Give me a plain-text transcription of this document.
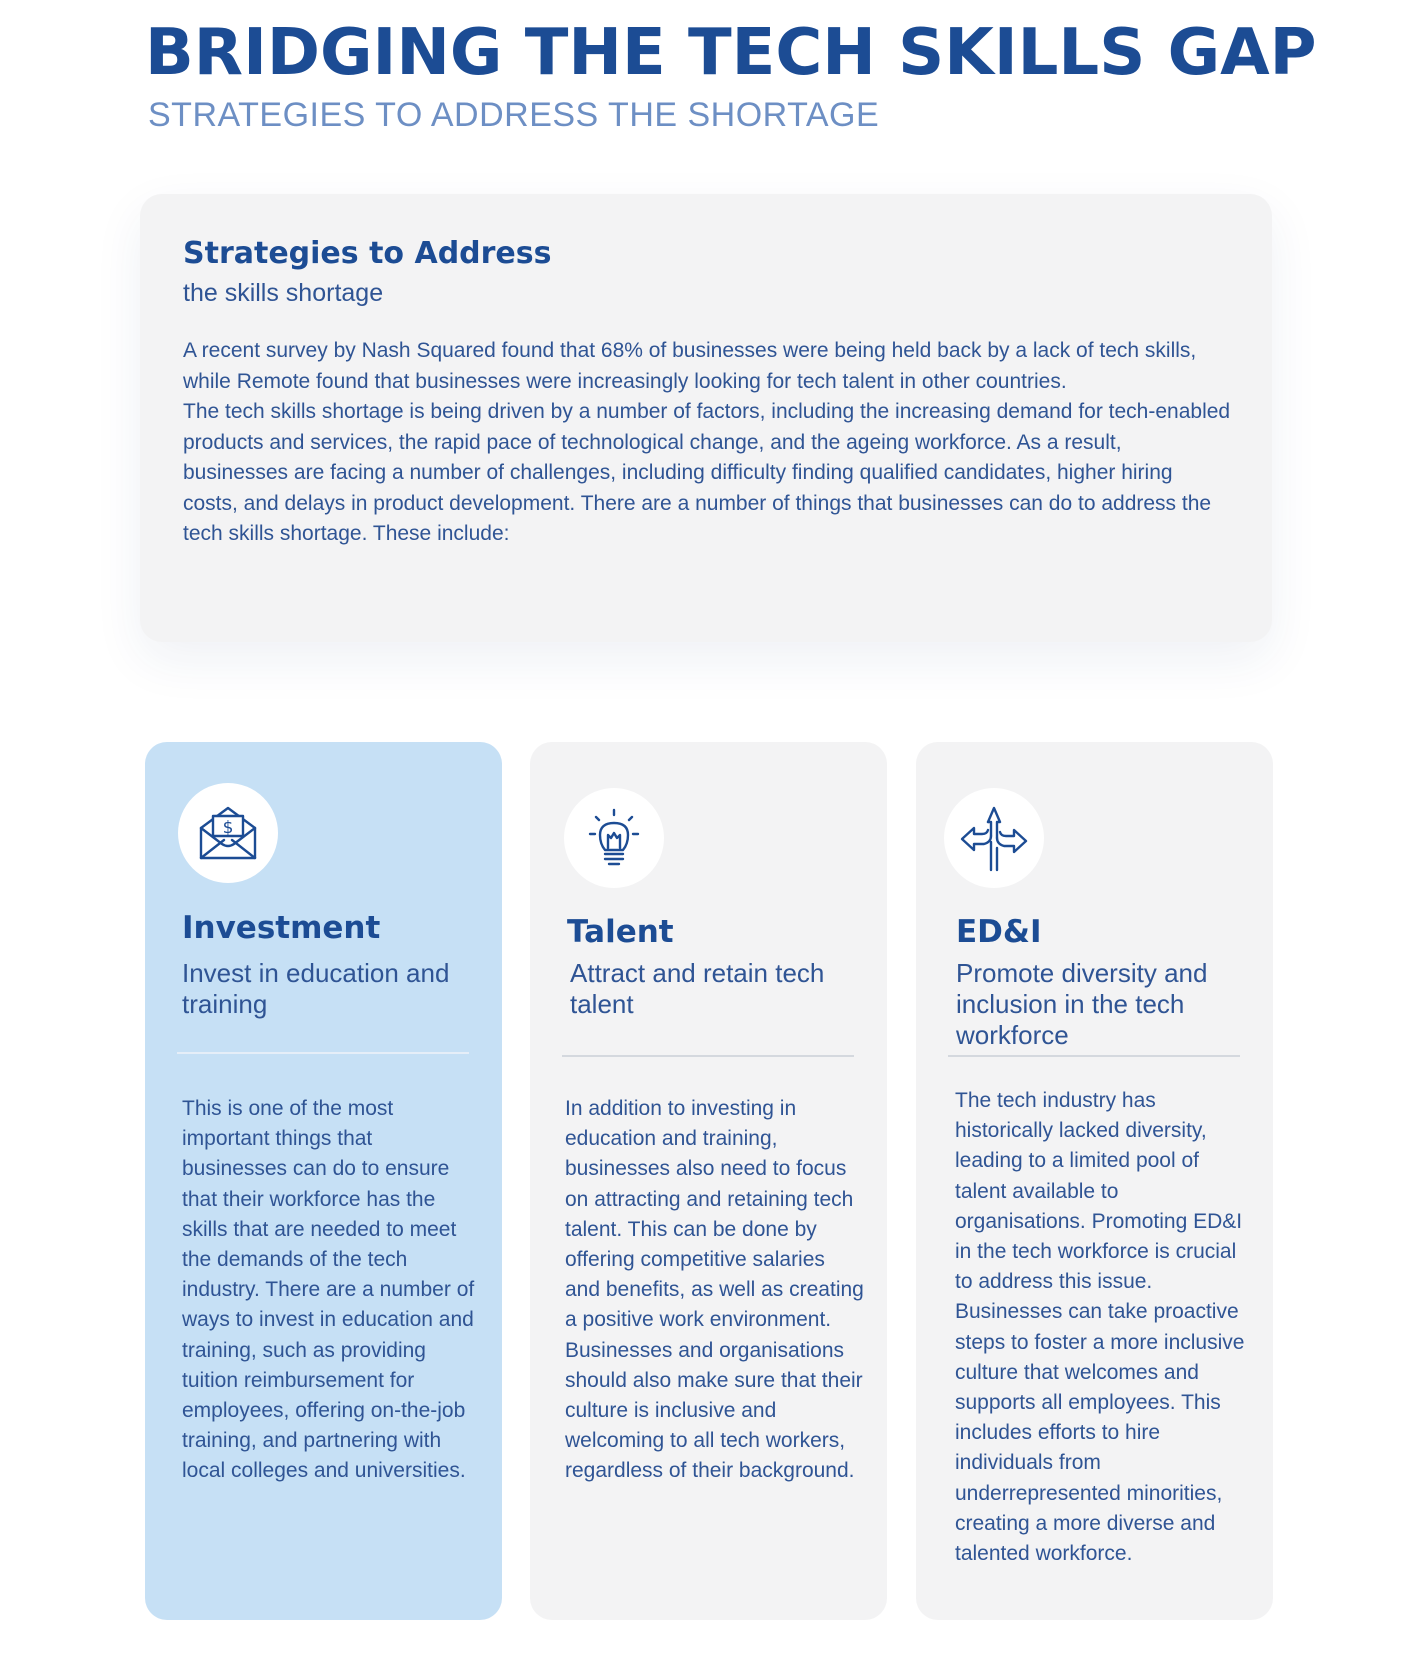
BRIDGING THE TECH SKILLS GAP
STRATEGIES TO ADDRESS THE SHORTAGE
Strategies to Address
the skills shortage

A recent survey by Nash Squared found that 68% of businesses were being held back by a lack of tech skills, while Remote found that businesses were increasingly looking for tech talent in other countries.

The tech skills shortage is being driven by a number of factors, including the increasing demand for tech-enabled products and services, the rapid pace of technological change, and the ageing workforce. As a result, businesses are facing a number of challenges, including difficulty finding qualified candidates, higher hiring costs, and delays in product development. There are a number of things that businesses can do to address the tech skills shortage. These include:

$
Investment

Invest in education and training

This is one of the most important things that businesses can do to ensure that their workforce has the skills that are needed to meet the demands of the tech industry. There are a number of ways to invest in education and training, such as providing tuition reimbursement for employees, offering on-the-job training, and partnering with local colleges and universities.

Talent

Attract and retain tech talent

In addition to investing in education and training, businesses also need to focus on attracting and retaining tech talent. This can be done by offering competitive salaries and benefits, as well as creating a positive work environment. Businesses and organisations should also make sure that their culture is inclusive and welcoming to all tech workers, regardless of their background.

ED&I

Promote diversity and inclusion in the tech workforce

The tech industry has historically lacked diversity, leading to a limited pool of talent available to organisations. Promoting ED&I in the tech workforce is crucial to address this issue. Businesses can take proactive steps to foster a more inclusive culture that welcomes and supports all employees. This includes efforts to hire individuals from underrepresented minorities, creating a more diverse and talented workforce.
